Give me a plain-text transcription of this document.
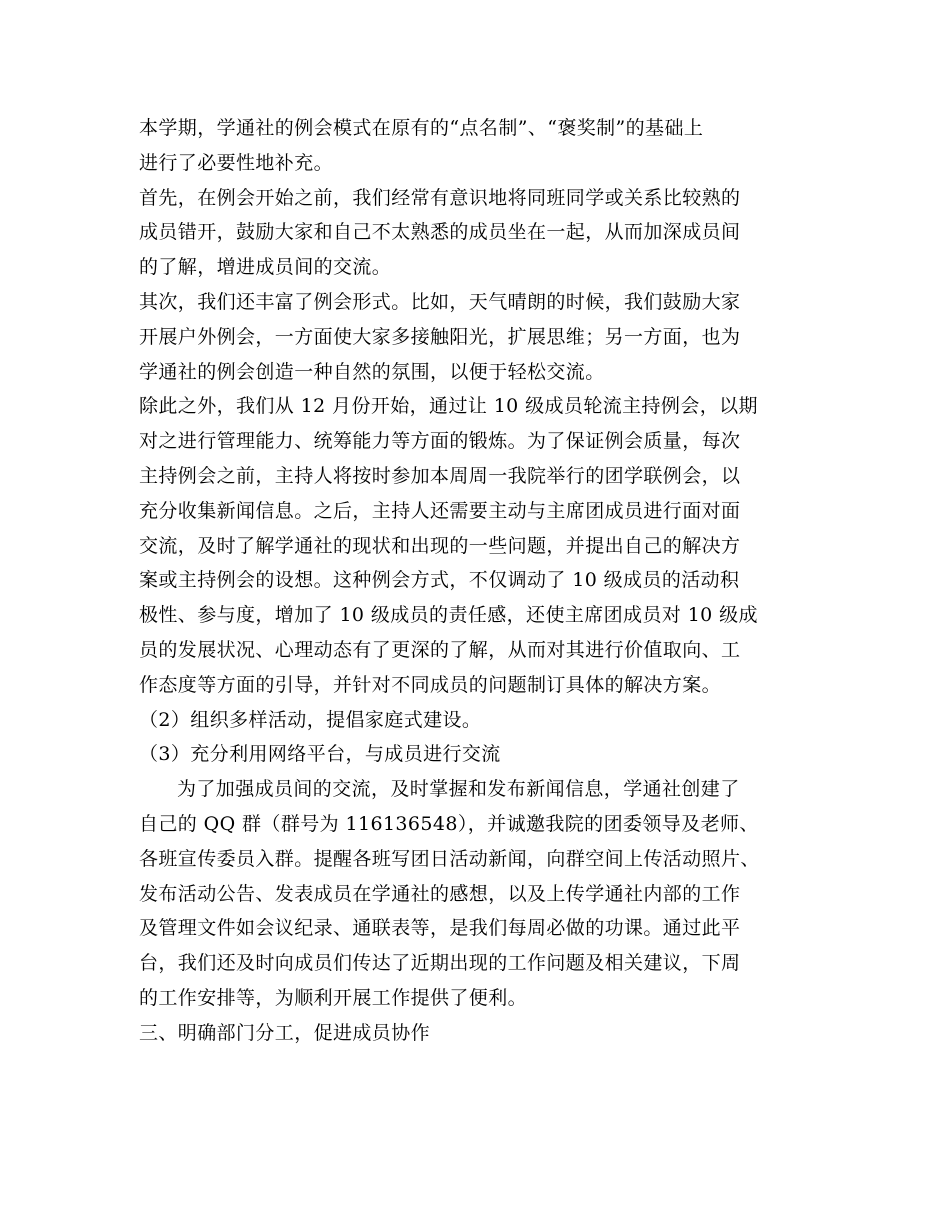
本学期，学通社的例会模式在原有的“点名制”、“褒奖制”的基础上
进行了必要性地补充。
首先，在例会开始之前，我们经常有意识地将同班同学或关系比较熟的
成员错开，鼓励大家和自己不太熟悉的成员坐在一起，从而加深成员间
的了解，增进成员间的交流。
其次，我们还丰富了例会形式。比如，天气晴朗的时候，我们鼓励大家
开展户外例会，一方面使大家多接触阳光，扩展思维；另一方面，也为
学通社的例会创造一种自然的氛围，以便于轻松交流。
除此之外，我们从 12 月份开始，通过让 10 级成员轮流主持例会，以期
对之进行管理能力、统筹能力等方面的锻炼。为了保证例会质量，每次
主持例会之前，主持人将按时参加本周周一我院举行的团学联例会，以
充分收集新闻信息。之后，主持人还需要主动与主席团成员进行面对面
交流，及时了解学通社的现状和出现的一些问题，并提出自己的解决方
案或主持例会的设想。这种例会方式，不仅调动了 10 级成员的活动积
极性、参与度，增加了 10 级成员的责任感，还使主席团成员对 10 级成
员的发展状况、心理动态有了更深的了解，从而对其进行价值取向、工
作态度等方面的引导，并针对不同成员的问题制订具体的解决方案。
（2）组织多样活动，提倡家庭式建设。
（3）充分利用网络平台，与成员进行交流
为了加强成员间的交流，及时掌握和发布新闻信息，学通社创建了
自己的 QQ 群（群号为 116136548），并诚邀我院的团委领导及老师、
各班宣传委员入群。提醒各班写团日活动新闻，向群空间上传活动照片、
发布活动公告、发表成员在学通社的感想，以及上传学通社内部的工作
及管理文件如会议纪录、通联表等，是我们每周必做的功课。通过此平
台，我们还及时向成员们传达了近期出现的工作问题及相关建议，下周
的工作安排等，为顺利开展工作提供了便利。
三、明确部门分工，促进成员协作
